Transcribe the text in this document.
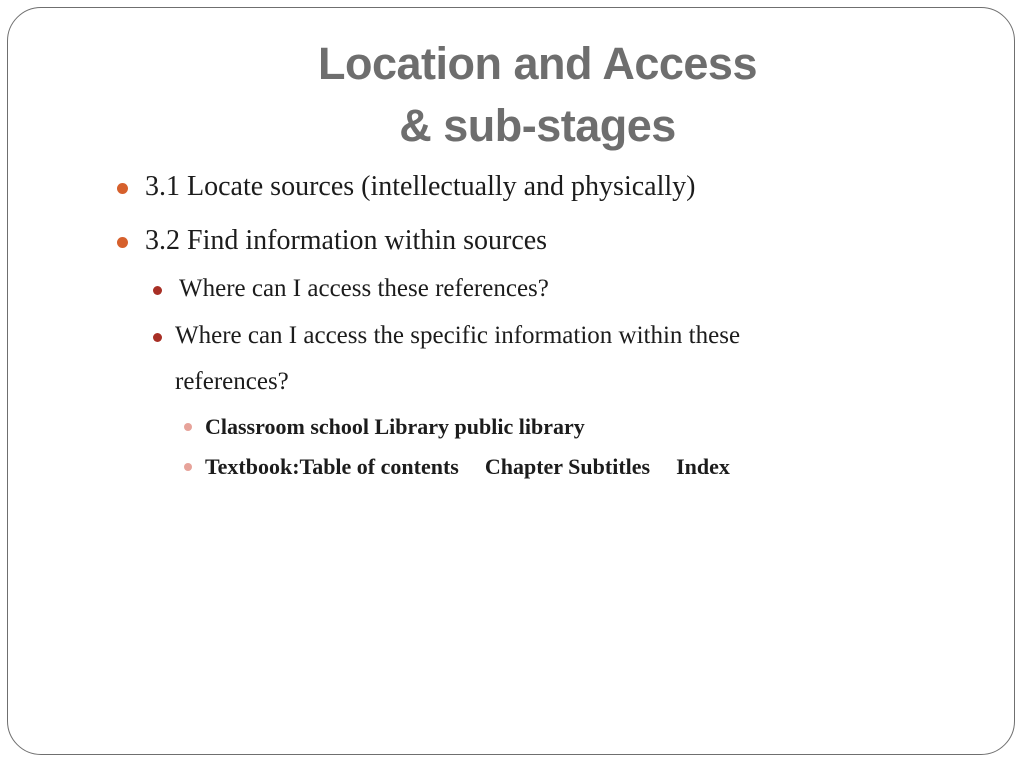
Location and Access
& sub-stages
3.1 Locate sources (intellectually and physically)
3.2 Find information within sources
Where can I access these references?
Where can I access the specific information within these
references?
Classroom school Library public library
Textbook:Table of contents Chapter Subtitles Index
